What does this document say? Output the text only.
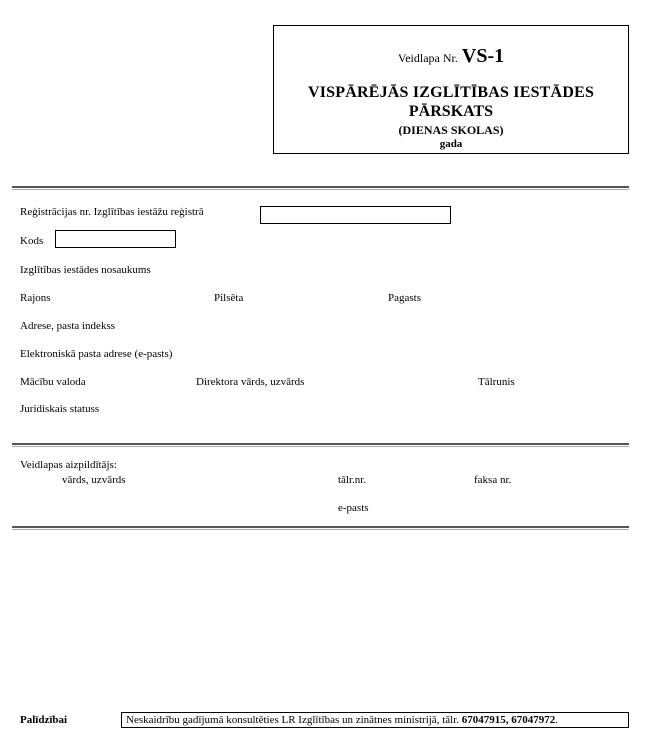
Veidlapa Nr. VS-1
VISPĀRĒJĀS IZGLĪTĪBAS IESTĀDES
PĀRSKATS
(DIENAS SKOLAS)
gada
Reģistrācijas nr. Izglītības iestāžu reģistrā
Kods
Izglītības iestādes nosaukums
Rajons	Pilsēta	Pagasts
Adrese, pasta indekss
Elektroniskā pasta adrese (e-pasts)
Mācību valoda	Direktora vārds, uzvārds	Tālrunis
Juridiskais statuss
Veidlapas aizpildītājs:
vārds, uzvārds	tālr.nr.	faksa nr.
e-pasts
Palīdzībai	Neskaidrību gadījumā konsultēties LR Izglītības un zinātnes ministrijā, tālr. 67047915, 67047972.
